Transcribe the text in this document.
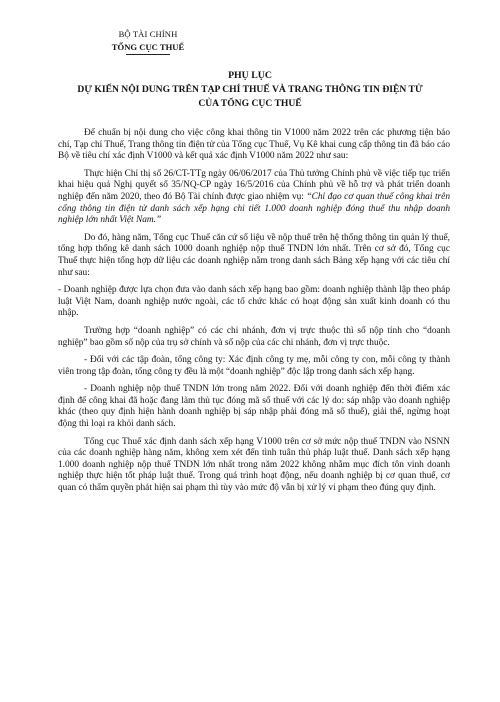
BỘ TÀI CHÍNH
TỔNG CỤC THUẾ
PHỤ LỤC
DỰ KIẾN NỘI DUNG TRÊN TẠP CHÍ THUẾ VÀ TRANG THÔNG TIN ĐIỆN TỬ CỦA TỔNG CỤC THUẾ

Để chuẩn bị nội dung cho việc công khai thông tin V1000 năm 2022 trên các phương tiện báo chí, Tạp chí Thuế, Trang thông tin điện tử của Tổng cục Thuế, Vụ Kê khai cung cấp thông tin đã báo cáo Bộ về tiêu chí xác định V1000 và kết quả xác định V1000 năm 2022 như sau:

Thực hiện Chỉ thị số 26/CT-TTg ngày 06/06/2017 của Thủ tướng Chính phủ về việc tiếp tục triển khai hiệu quả Nghị quyết số 35/NQ-CP ngày 16/5/2016 của Chính phủ về hỗ trợ và phát triển doanh nghiệp đến năm 2020, theo đó Bộ Tài chính được giao nhiệm vụ: “Chỉ đạo cơ quan thuế công khai trên cổng thông tin điện tử danh sách xếp hạng chi tiết 1.000 doanh nghiệp đóng thuế thu nhập doanh nghiệp lớn nhất Việt Nam.”

Do đó, hàng năm, Tổng cục Thuế căn cứ số liệu về nộp thuế trên hệ thống thông tin quản lý thuế, tổng hợp thống kê danh sách 1000 doanh nghiệp nộp thuế TNDN lớn nhất. Trên cơ sở đó, Tổng cục Thuế thực hiện tổng hợp dữ liệu các doanh nghiệp nằm trong danh sách Bảng xếp hạng với các tiêu chí như sau:

- Doanh nghiệp được lựa chọn đưa vào danh sách xếp hạng bao gồm: doanh nghiệp thành lập theo pháp luật Việt Nam, doanh nghiệp nước ngoài, các tổ chức khác có hoạt động sản xuất kinh doanh có thu nhập.

Trường hợp “doanh nghiệp” có các chi nhánh, đơn vị trực thuộc thì số nộp tính cho “doanh nghiệp” bao gồm số nộp của trụ sở chính và số nộp của các chi nhánh, đơn vị trực thuộc.

- Đối với các tập đoàn, tổng công ty: Xác định công ty mẹ, mỗi công ty con, mỗi công ty thành viên trong tập đoàn, tổng công ty đều là một “doanh nghiệp” độc lập trong danh sách xếp hạng.

- Doanh nghiệp nộp thuế TNDN lớn trong năm 2022. Đối với doanh nghiệp đến thời điểm xác định để công khai đã hoặc đang làm thủ tục đóng mã số thuế với các lý do: sáp nhập vào doanh nghiệp khác (theo quy định hiện hành doanh nghiệp bị sáp nhập phải đóng mã số thuế), giải thể, ngừng hoạt động thì loại ra khỏi danh sách.

Tổng cục Thuế xác định danh sách xếp hạng V1000 trên cơ sở mức nộp thuế TNDN vào NSNN của các doanh nghiệp hàng năm, không xem xét đến tình tuân thủ pháp luật thuế. Danh sách xếp hạng 1.000 doanh nghiệp nộp thuế TNDN lớn nhất trong năm 2022 không nhằm mục đích tôn vinh doanh nghiệp thực hiện tốt pháp luật thuế. Trong quá trình hoạt động, nếu doanh nghiệp bị cơ quan thuế, cơ quan có thẩm quyền phát hiện sai phạm thì tùy vào mức độ vẫn bị xử lý vi phạm theo đúng quy định.
